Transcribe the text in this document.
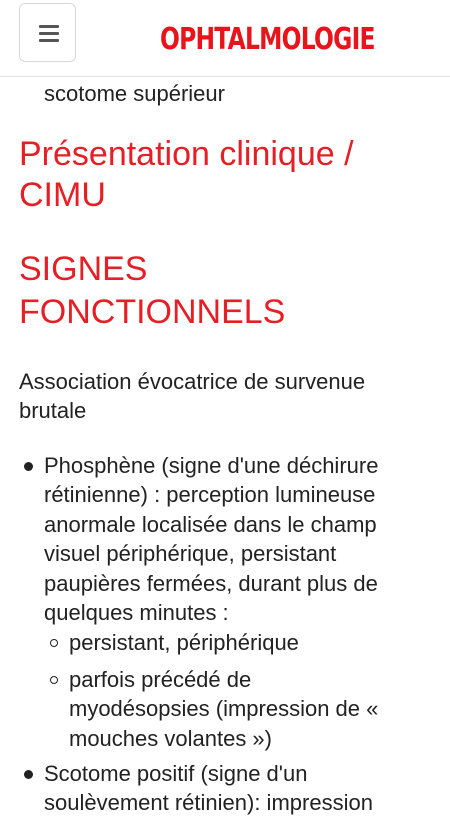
OPHTALMOLOGIE
scotome supérieur
Présentation clinique /
CIMU
SIGNES
FONCTIONNELS
Association évocatrice de survenue
brutale
Phosphène (signe d'une déchirure
rétinienne) : perception lumineuse
anormale localisée dans le champ
visuel périphérique, persistant
paupières fermées, durant plus de
quelques minutes :
persistant, périphérique
parfois précédé de
myodésopsies (impression de «
mouches volantes »)
Scotome positif (signe d'un
soulèvement rétinien): impression
